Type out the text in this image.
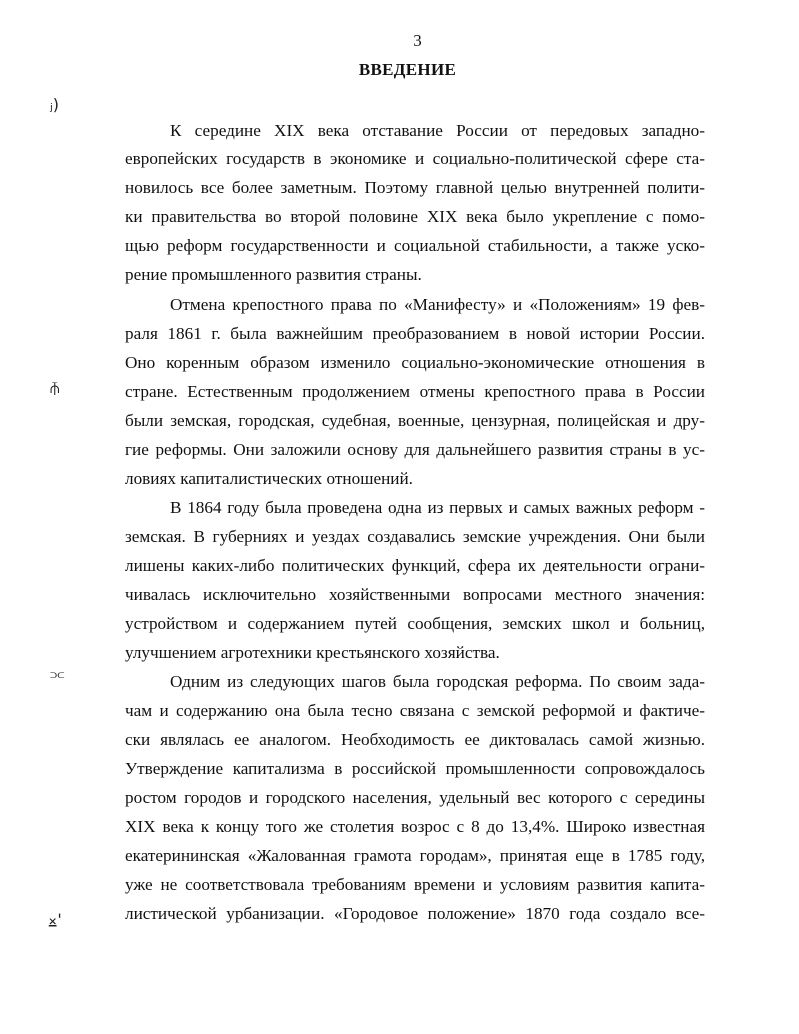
3
ВВЕДЕНИЕ
ⱼ)
⫚
⫗
⨱'
К середине XIX века отставание России от передовых западно-
европейских государств в экономике и социально-политической сфере ста-
новилось все более заметным. Поэтому главной целью внутренней полити-
ки правительства во второй половине XIX века было укрепление с помо-
щью реформ государственности и социальной стабильности, а также уско-
рение промышленного развития страны.
Отмена крепостного права по «Манифесту» и «Положениям» 19 фев-
раля 1861 г. была важнейшим преобразованием в новой истории России.
Оно коренным образом изменило социально-экономические отношения в
стране. Естественным продолжением отмены крепостного права в России
были земская, городская, судебная, военные, цензурная, полицейская и дру-
гие реформы. Они заложили основу для дальнейшего развития страны в ус-
ловиях капиталистических отношений.
В 1864 году была проведена одна из первых и самых важных реформ -
земская. В губерниях и уездах создавались земские учреждения. Они были
лишены каких-либо политических функций, сфера их деятельности ограни-
чивалась исключительно хозяйственными вопросами местного значения:
устройством и содержанием путей сообщения, земских школ и больниц,
улучшением агротехники крестьянского хозяйства.
Одним из следующих шагов была городская реформа. По своим зада-
чам и содержанию она была тесно связана с земской реформой и фактиче-
ски являлась ее аналогом. Необходимость ее диктовалась самой жизнью.
Утверждение капитализма в российской промышленности сопровождалось
ростом городов и городского населения, удельный вес которого с середины
XIX века к концу того же столетия возрос с 8 до 13,4%. Широко известная
екатерининская «Жалованная грамота городам», принятая еще в 1785 году,
уже не соответствовала требованиям времени и условиям развития капита-
листической урбанизации. «Городовое положение» 1870 года создало все-
